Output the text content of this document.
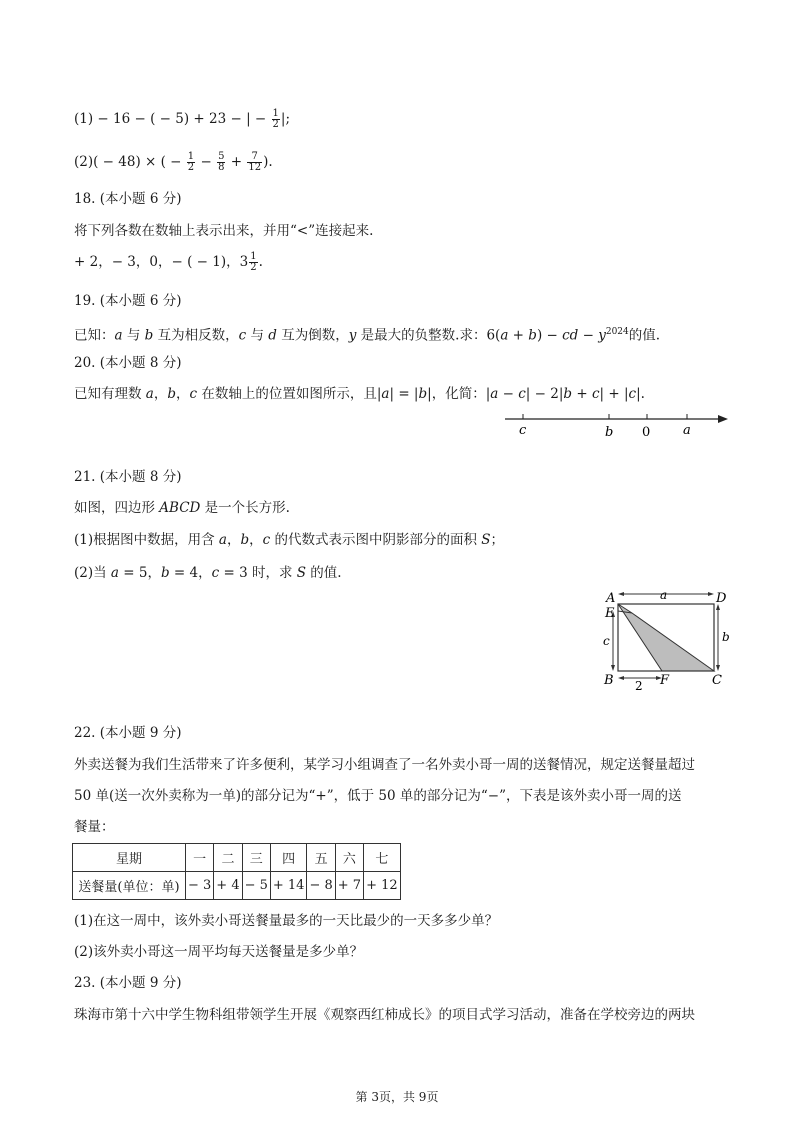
(1) − 16 − ( − 5) + 23 − | − $\frac{1}{2}$ |;
(2)( − 48) × ( − $\frac{1}{2} - \frac{5}{8} + \frac{7}{12}$ ).
18. (本小题 6 分)
将下列各数在数轴上表示出来，并用“<”连接起来.
+ 2，− 3，0，− ( − 1)，$3 \frac{1}{2}$ .
19. (本小题 6 分)
已知：a 与 b 互为相反数，c 与 d 互为倒数，y 是最大的负整数.求：6(a + b) − cd − $y^{2024}$的值.
20. (本小题 8 分)
已知有理数 a，b，c 在数轴上的位置如图所示，且|a| = |b|，化简：|a − c| − 2|b + c| + |c|.
c	b 0	a
21. (本小题 8 分)
如图，四边形 ABCD 是一个长方形.
(1)根据图中数据，用含 a，b，c 的代数式表示图中阴影部分的面积 S；
(2)当 a = 5，b = 4，c = 3 时，求 S 的值.
A	D
E
B	F	C
a
b
c
2
22. (本小题 9 分)
外卖送餐为我们生活带来了许多便利，某学习小组调查了一名外卖小哥一周的送餐情况，规定送餐量超过
50 单(送一次外卖称为一单)的部分记为“+”，低于 50 单的部分记为“−”，下表是该外卖小哥一周的送
餐量：
星期	一	二	三	四	五	六	七
送餐量(单位：单)	− 3	+ 4	− 5	+ 14	− 8	+ 7	+ 12
(1)在这一周中，该外卖小哥送餐量最多的一天比最少的一天多多少单？
(2)该外卖小哥这一周平均每天送餐量是多少单？
23. (本小题 9 分)
珠海市第十六中学生物科组带领学生开展《观察西红柿成长》的项目式学习活动，准备在学校旁边的两块
第 3页，共 9页
